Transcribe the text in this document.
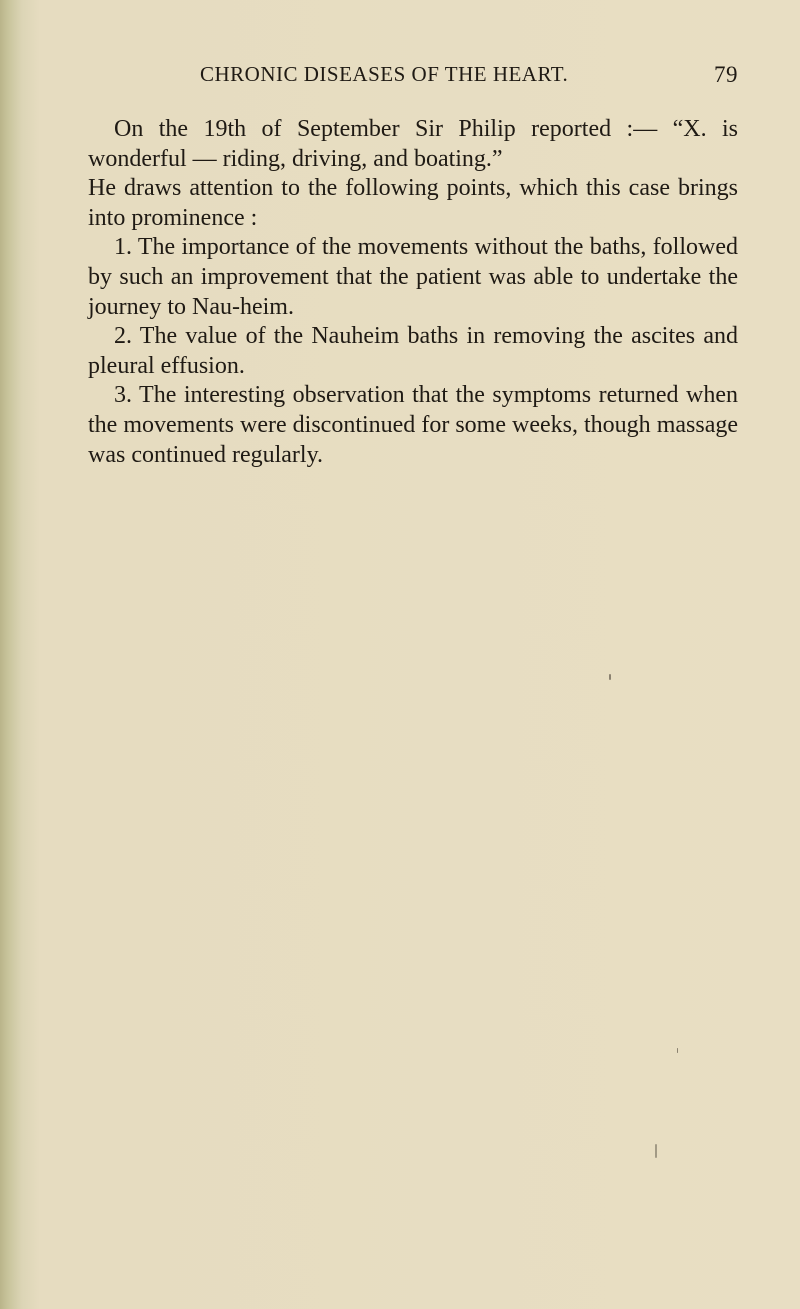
CHRONIC DISEASES OF THE HEART.	79

On the 19th of September Sir Philip reported :— “X. is wonderful — riding, driving, and boating.”

He draws attention to the following points, which this case brings into prominence :

1. The importance of the movements without the baths, followed by such an improvement that the patient was able to undertake the journey to Nau-heim.

2. The value of the Nauheim baths in removing the ascites and pleural effusion.

3. The interesting observation that the symptoms returned when the movements were discontinued for some weeks, though massage was continued regularly.
